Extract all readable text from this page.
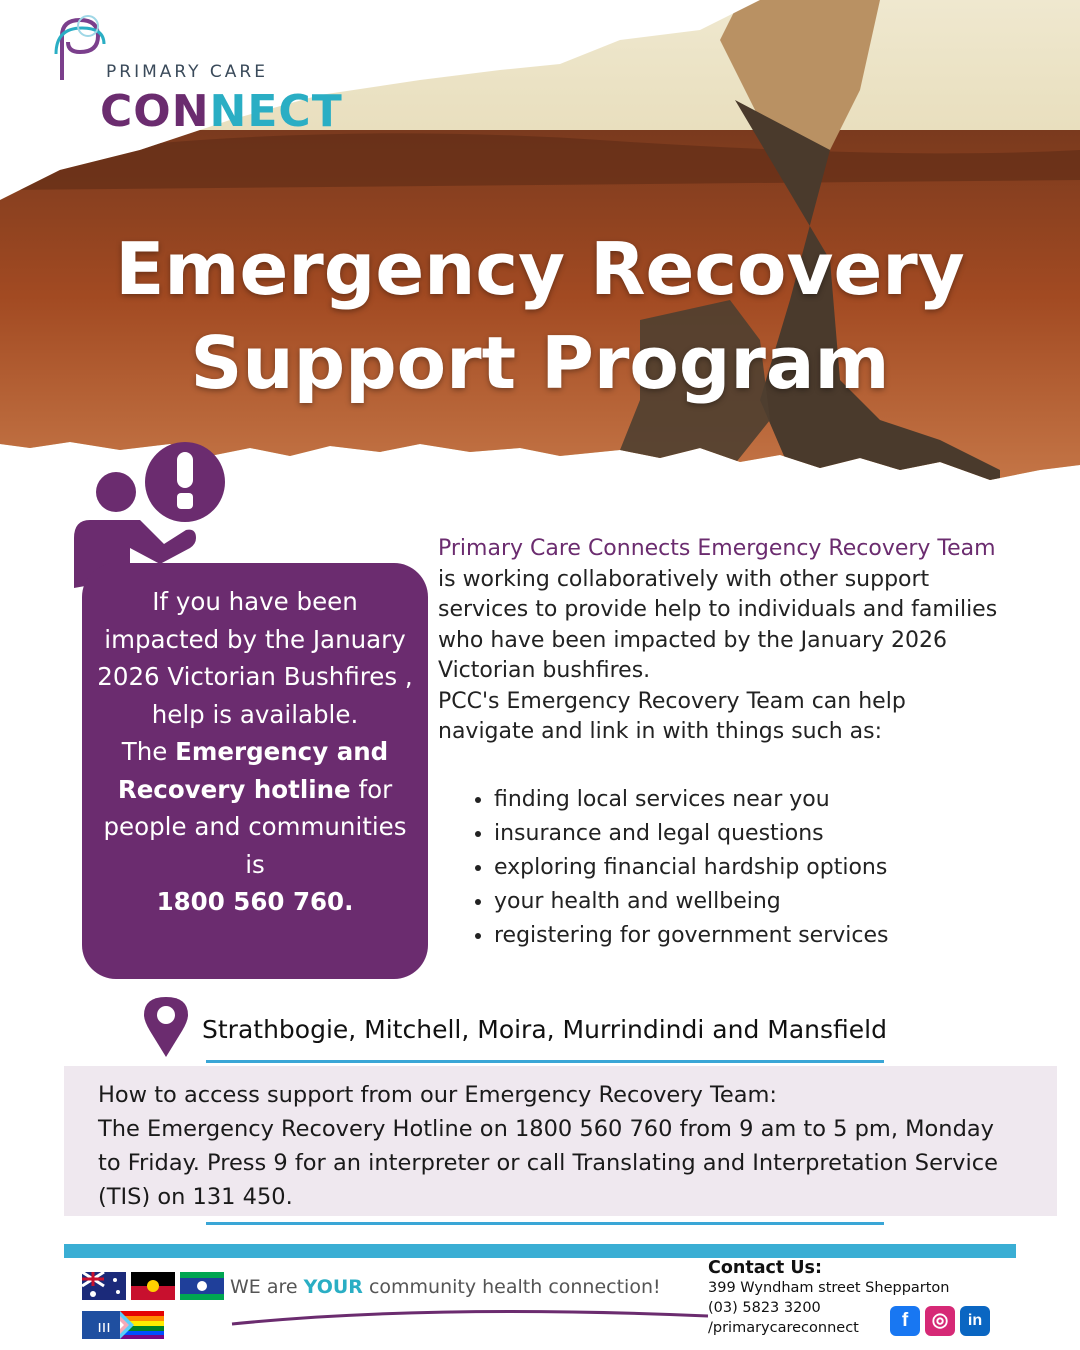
PRIMARY CARE
CONNECT
Emergency Recovery
Support Program
If you have been impacted by the January 2026 Victorian Bushfires , help is available.
The Emergency and Recovery hotline for people and communities is
1800 560 760.
Primary Care Connects Emergency Recovery Team is working collaboratively with other support services to provide help to individuals and families who have been impacted by the January 2026 Victorian bushfires.
PCC's Emergency Recovery Team can help navigate and link in with things such as:
• finding local services near you
• insurance and legal questions
• exploring financial hardship options
• your health and wellbeing
• registering for government services
Strathbogie, Mitchell, Moira, Murrindindi and Mansfield
How to access support from our Emergency Recovery Team:
The Emergency Recovery Hotline on 1800 560 760 from 9 am to 5 pm, Monday to Friday. Press 9 for an interpreter or call Translating and Interpretation Service (TIS) on 131 450.
ııı
WE are YOUR community health connection!
Contact Us:
399 Wyndham street Shepparton
(03) 5823 3200
/primarycareconnect	f	◎	in
